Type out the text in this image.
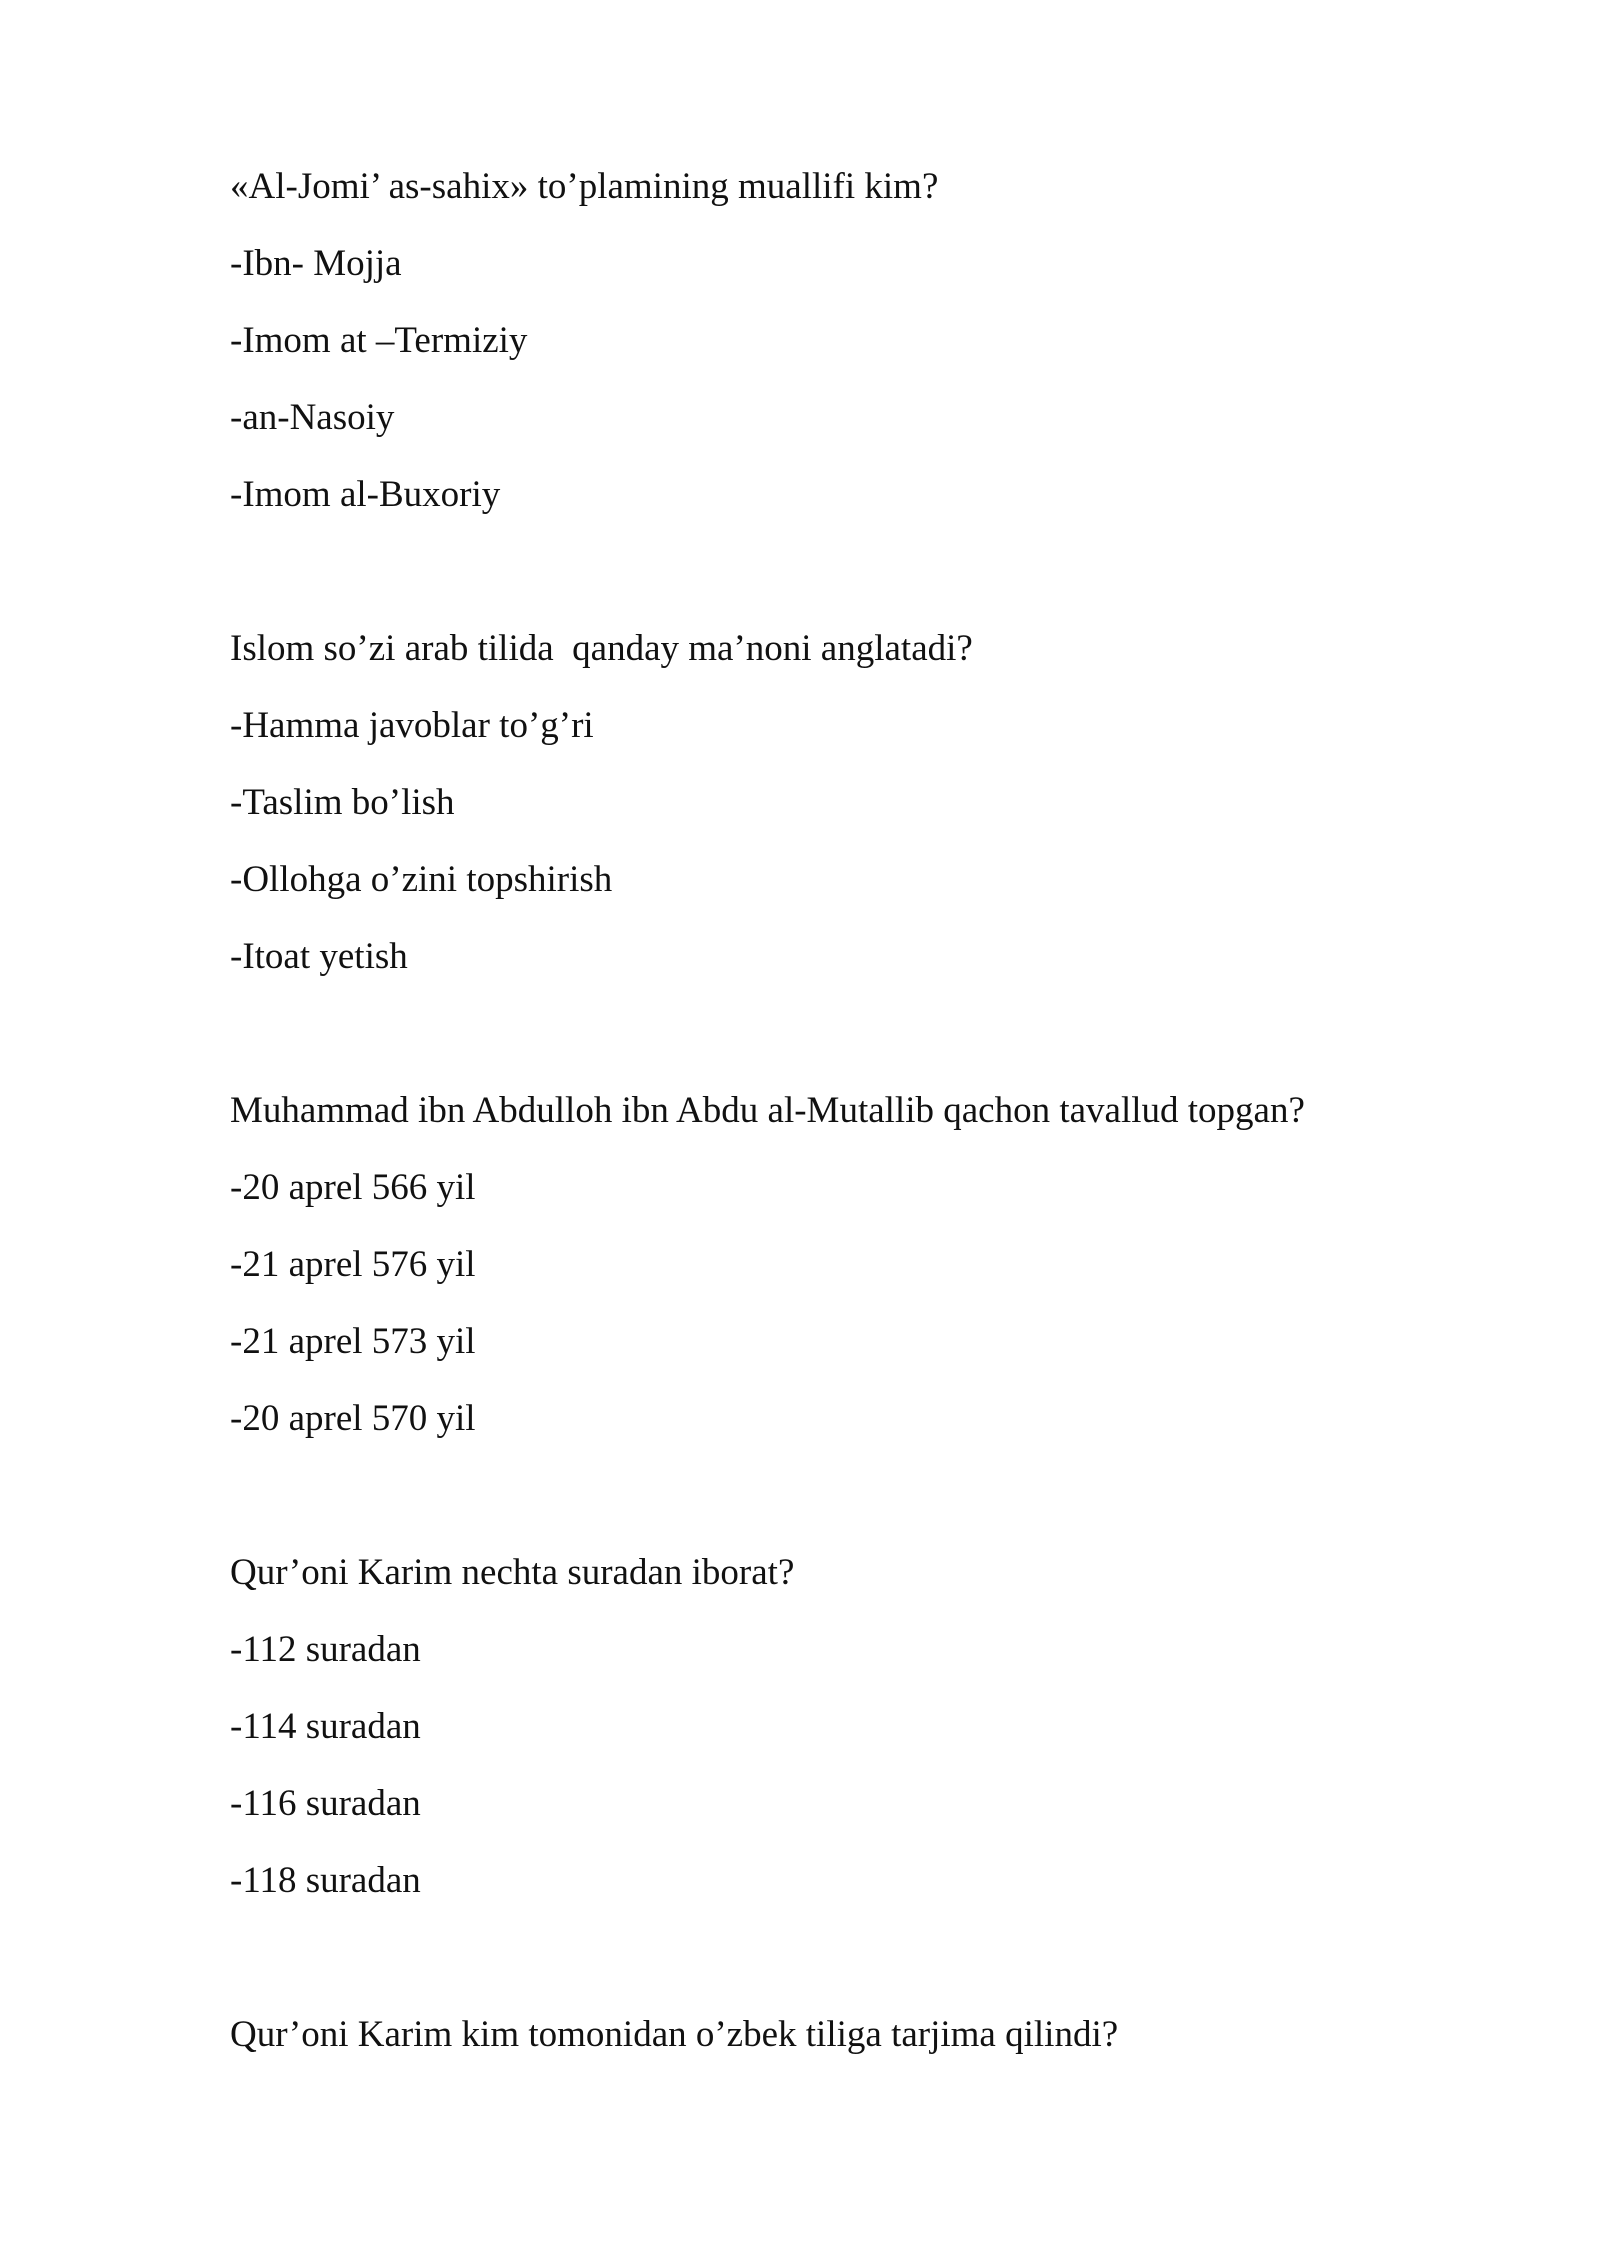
«Al-Jomi’ as-sahix» to’plamining muallifi kim?

-Ibn- Mojja

-Imom at –Termiziy

-an-Nasoiy

-Imom al-Buxoriy

Islom so’zi arab tilida  qanday ma’noni anglatadi?

-Hamma javoblar to’g’ri

-Taslim bo’lish

-Ollohga o’zini topshirish

-Itoat yetish

Muhammad ibn Abdulloh ibn Abdu al-Mutallib qachon tavallud topgan?

-20 aprel 566 yil

-21 aprel 576 yil

-21 aprel 573 yil

-20 aprel 570 yil

Qur’oni Karim nechta suradan iborat?

-112 suradan

-114 suradan

-116 suradan

-118 suradan

Qur’oni Karim kim tomonidan o’zbek tiliga tarjima qilindi?
